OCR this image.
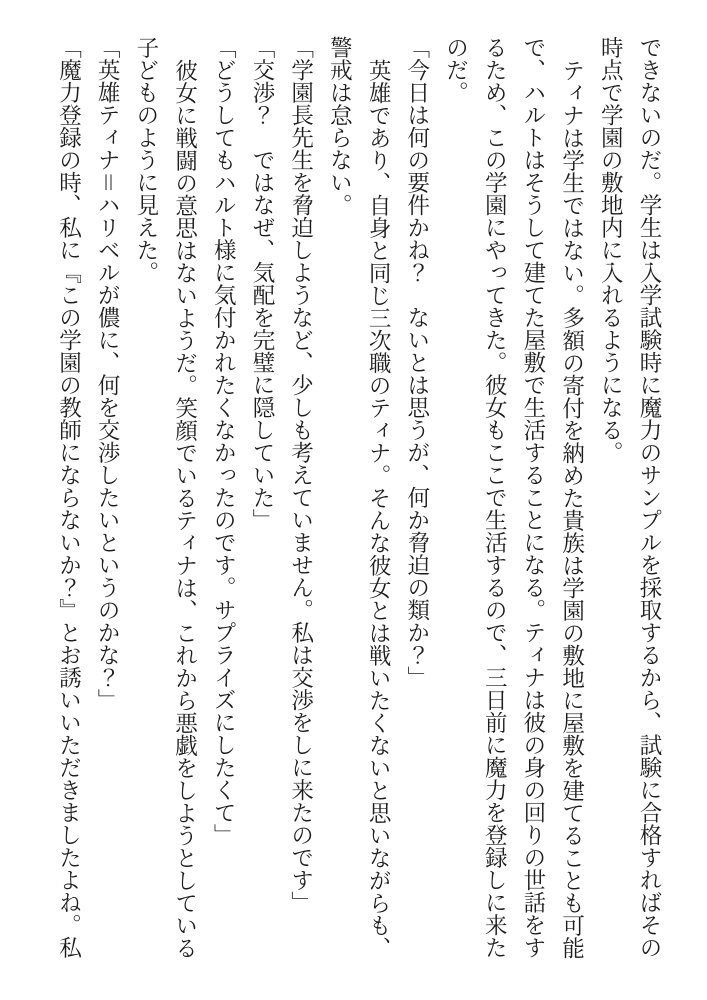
できないのだ。学生は入学試験時に魔力のサンプルを採取するから、試験に合格すればその時点で学園の敷地内に入れるようになる。

ティナは学生ではない。多額の寄付を納めた貴族は学園の敷地に屋敷を建てることも可能で、ハルトはそうして建てた屋敷で生活することになる。ティナは彼の身の回りの世話をするため、この学園にやってきた。彼女もここで生活するので、三日前に魔力を登録しに来たのだ。

「今日は何の要件かね？　ないとは思うが、何か脅迫の類か？」

英雄であり、自身と同じ三次職のティナ。そんな彼女とは戦いたくないと思いながらも、警戒は怠らない。

「学園長先生を脅迫しようなど、少しも考えていません。私は交渉をしに来たのです」

「交渉？　ではなぜ、気配を完璧に隠していた」

「どうしてもハルト様に気付かれたくなかったのです。サプライズにしたくて」

彼女に戦闘の意思はないようだ。笑顔でいるティナは、これから悪戯をしようとしている子どものように見えた。

「英雄ティナ＝ハリベルが儂に、何を交渉したいというのかな？」

「魔力登録の時、私に『この学園の教師にならないか？』とお誘いいただきましたよね。私
